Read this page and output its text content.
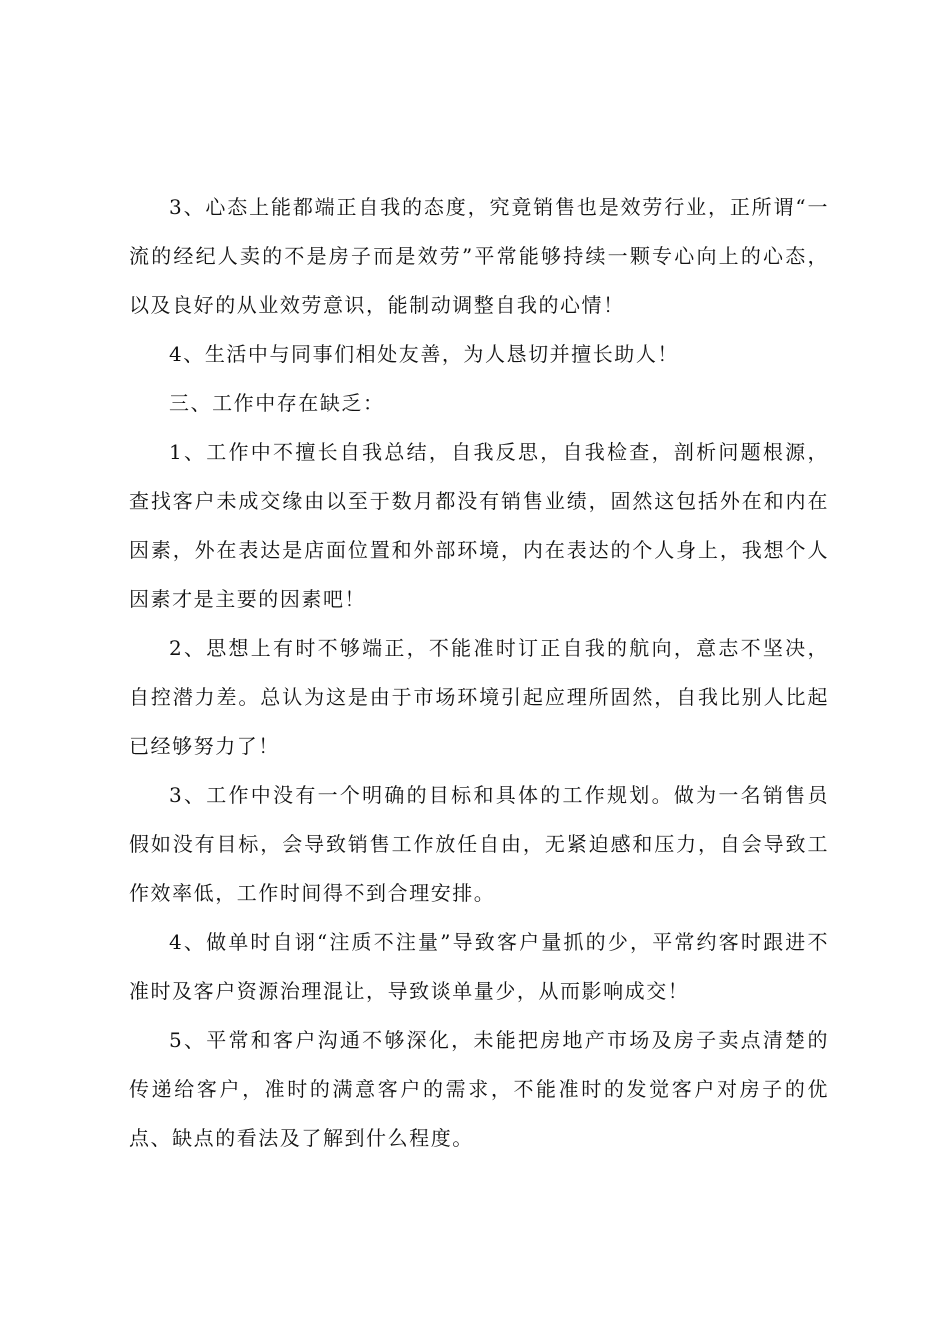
3、心态上能都端正自我的态度，究竟销售也是效劳行业，正所谓“一流的经纪人卖的不是房子而是效劳”平常能够持续一颗专心向上的心态，以及良好的从业效劳意识，能制动调整自我的心情！

4、生活中与同事们相处友善，为人恳切并擅长助人！

三、工作中存在缺乏：

1、工作中不擅长自我总结，自我反思，自我检查，剖析问题根源，查找客户未成交缘由以至于数月都没有销售业绩，固然这包括外在和内在因素，外在表达是店面位置和外部环境，内在表达的个人身上，我想个人因素才是主要的因素吧！

2、思想上有时不够端正，不能准时订正自我的航向，意志不坚决，自控潜力差。总认为这是由于市场环境引起应理所固然，自我比别人比起已经够努力了！

3、工作中没有一个明确的目标和具体的工作规划。做为一名销售员假如没有目标，会导致销售工作放任自由，无紧迫感和压力，自会导致工作效率低，工作时间得不到合理安排。

4、做单时自诩“注质不注量”导致客户量抓的少，平常约客时跟进不准时及客户资源治理混让，导致谈单量少，从而影响成交！

5、平常和客户沟通不够深化，未能把房地产市场及房子卖点清楚的传递给客户，准时的满意客户的需求，不能准时的发觉客户对房子的优点、缺点的看法及了解到什么程度。
